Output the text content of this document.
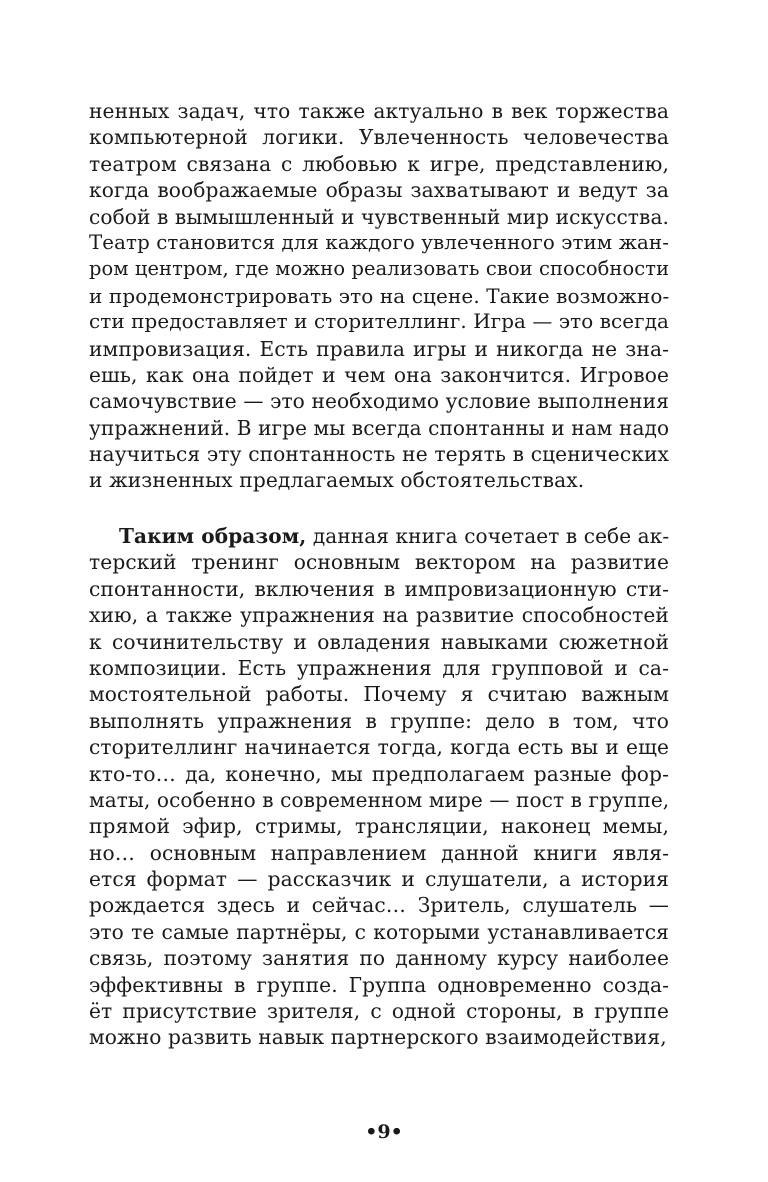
ненных задач, что также актуально в век торжества
компьютерной логики. Увлеченность человечества
театром связана с любовью к игре, представлению,
когда воображаемые образы захватывают и ведут за
собой в вымышленный и чувственный мир искусства.
Театр становится для каждого увлеченного этим жан-
ром центром, где можно реализовать свои способности
и продемонстрировать это на сцене. Такие возможно-
сти предоставляет и сторителлинг. Игра — это всегда
импровизация. Есть правила игры и никогда не зна-
ешь, как она пойдет и чем она закончится. Игровое
самочувствие — это необходимо условие выполнения
упражнений. В игре мы всегда спонтанны и нам надо
научиться эту спонтанность не терять в сценических
и жизненных предлагаемых обстоятельствах.
Таким образом, данная книга сочетает в себе ак-
терский тренинг основным вектором на развитие
спонтанности, включения в импровизационную сти-
хию, а также упражнения на развитие способностей
к сочинительству и овладения навыками сюжетной
композиции. Есть упражнения для групповой и са-
мостоятельной работы. Почему я считаю важным
выполнять упражнения в группе: дело в том, что
сторителлинг начинается тогда, когда есть вы и еще
кто-то… да, конечно, мы предполагаем разные фор-
маты, особенно в современном мире — пост в группе,
прямой эфир, стримы, трансляции, наконец мемы,
но… основным направлением данной книги явля-
ется формат — рассказчик и слушатели, а история
рождается здесь и сейчас… Зритель, слушатель —
это те самые партнёры, с которыми устанавливается
связь, поэтому занятия по данному курсу наиболее
эффективны в группе. Группа одновременно созда-
ёт присутствие зрителя, с одной стороны, в группе
можно развить навык партнерского взаимодействия,
•9•
